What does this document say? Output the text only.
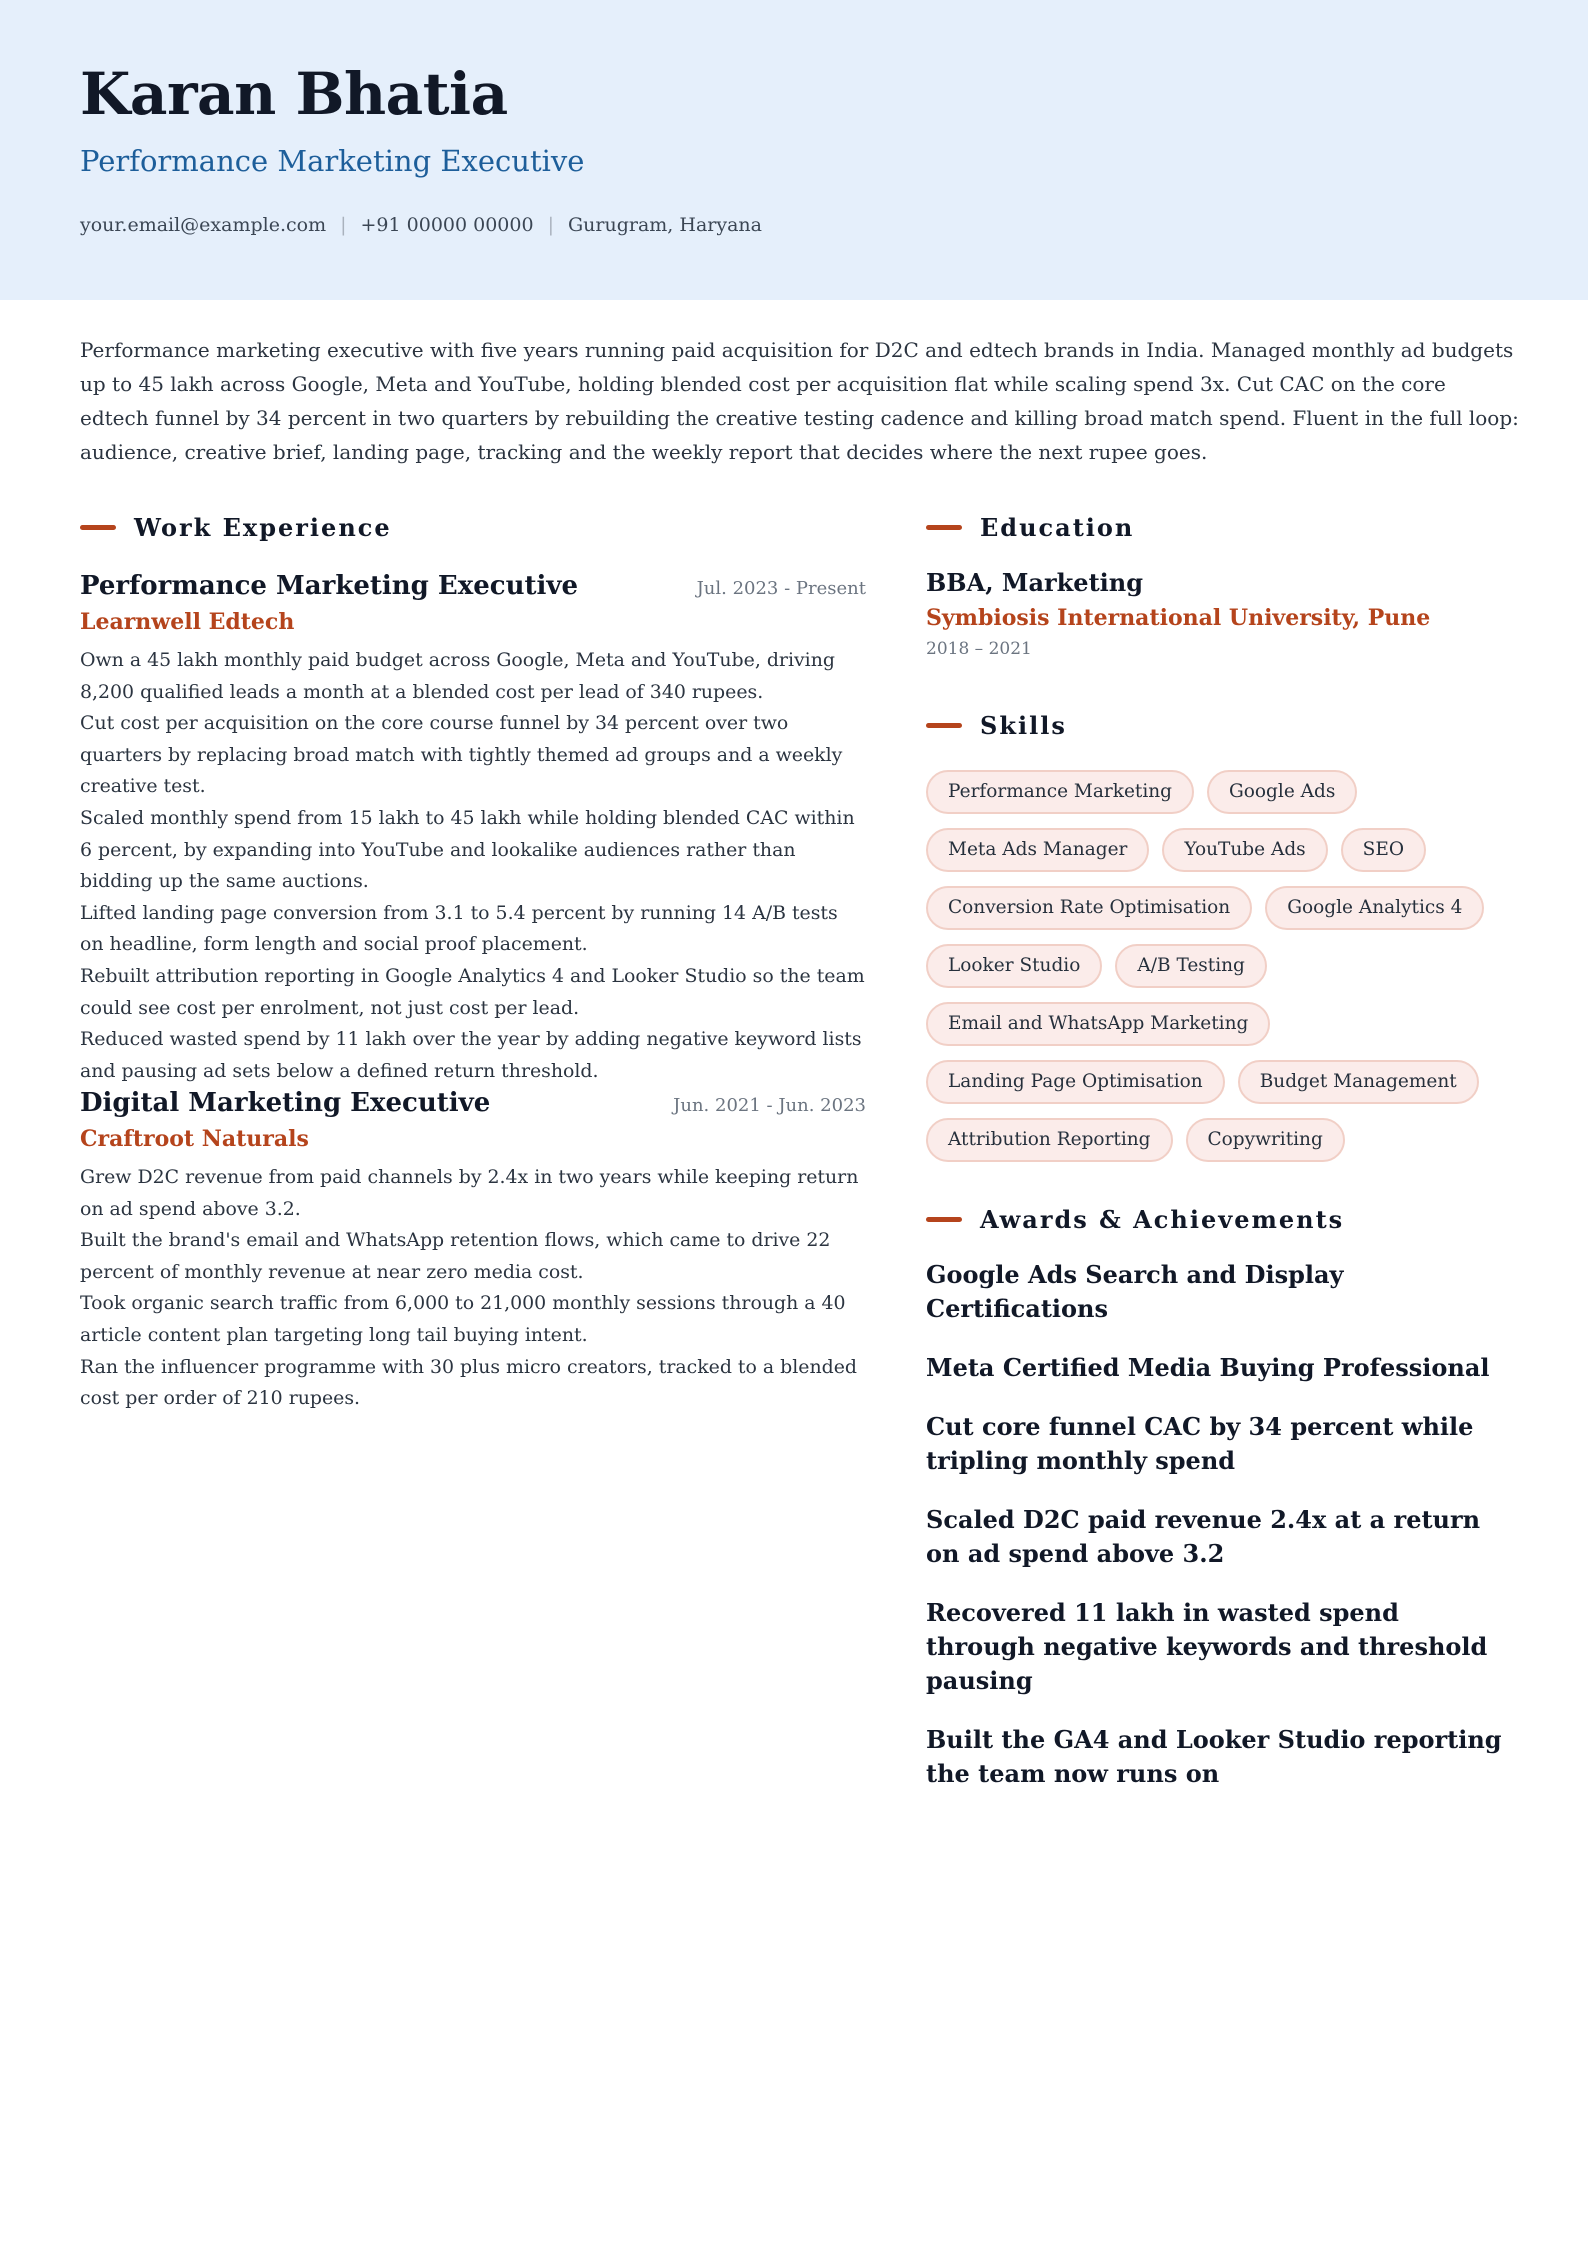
Karan Bhatia
Performance Marketing Executive
your.email@example.com | +91 00000 00000 | Gurugram, Haryana
Performance marketing executive with five years running paid acquisition for D2C and edtech brands in India. Managed monthly ad budgets up to 45 lakh across Google, Meta and YouTube, holding blended cost per acquisition flat while scaling spend 3x. Cut CAC on the core edtech funnel by 34 percent in two quarters by rebuilding the creative testing cadence and killing broad match spend. Fluent in the full loop: audience, creative brief, landing page, tracking and the weekly report that decides where the next rupee goes.
Work Experience
Performance Marketing Executive	Jul. 2023 - Present
Learnwell Edtech
Own a 45 lakh monthly paid budget across Google, Meta and YouTube, driving 8,200 qualified leads a month at a blended cost per lead of 340 rupees.
Cut cost per acquisition on the core course funnel by 34 percent over two quarters by replacing broad match with tightly themed ad groups and a weekly creative test.
Scaled monthly spend from 15 lakh to 45 lakh while holding blended CAC within 6 percent, by expanding into YouTube and lookalike audiences rather than bidding up the same auctions.
Lifted landing page conversion from 3.1 to 5.4 percent by running 14 A/B tests on headline, form length and social proof placement.
Rebuilt attribution reporting in Google Analytics 4 and Looker Studio so the team could see cost per enrolment, not just cost per lead.
Reduced wasted spend by 11 lakh over the year by adding negative keyword lists and pausing ad sets below a defined return threshold.
Digital Marketing Executive	Jun. 2021 - Jun. 2023
Craftroot Naturals
Grew D2C revenue from paid channels by 2.4x in two years while keeping return on ad spend above 3.2.
Built the brand's email and WhatsApp retention flows, which came to drive 22 percent of monthly revenue at near zero media cost.
Took organic search traffic from 6,000 to 21,000 monthly sessions through a 40 article content plan targeting long tail buying intent.
Ran the influencer programme with 30 plus micro creators, tracked to a blended cost per order of 210 rupees.
Education
BBA, Marketing
Symbiosis International University, Pune
2018 – 2021
Skills
Performance Marketing	Google Ads
Meta Ads Manager	YouTube Ads	SEO
Conversion Rate Optimisation	Google Analytics 4
Looker Studio	A/B Testing
Email and WhatsApp Marketing
Landing Page Optimisation	Budget Management
Attribution Reporting	Copywriting
Awards & Achievements
Google Ads Search and Display Certifications
Meta Certified Media Buying Professional
Cut core funnel CAC by 34 percent while tripling monthly spend
Scaled D2C paid revenue 2.4x at a return on ad spend above 3.2
Recovered 11 lakh in wasted spend through negative keywords and threshold pausing
Built the GA4 and Looker Studio reporting the team now runs on
